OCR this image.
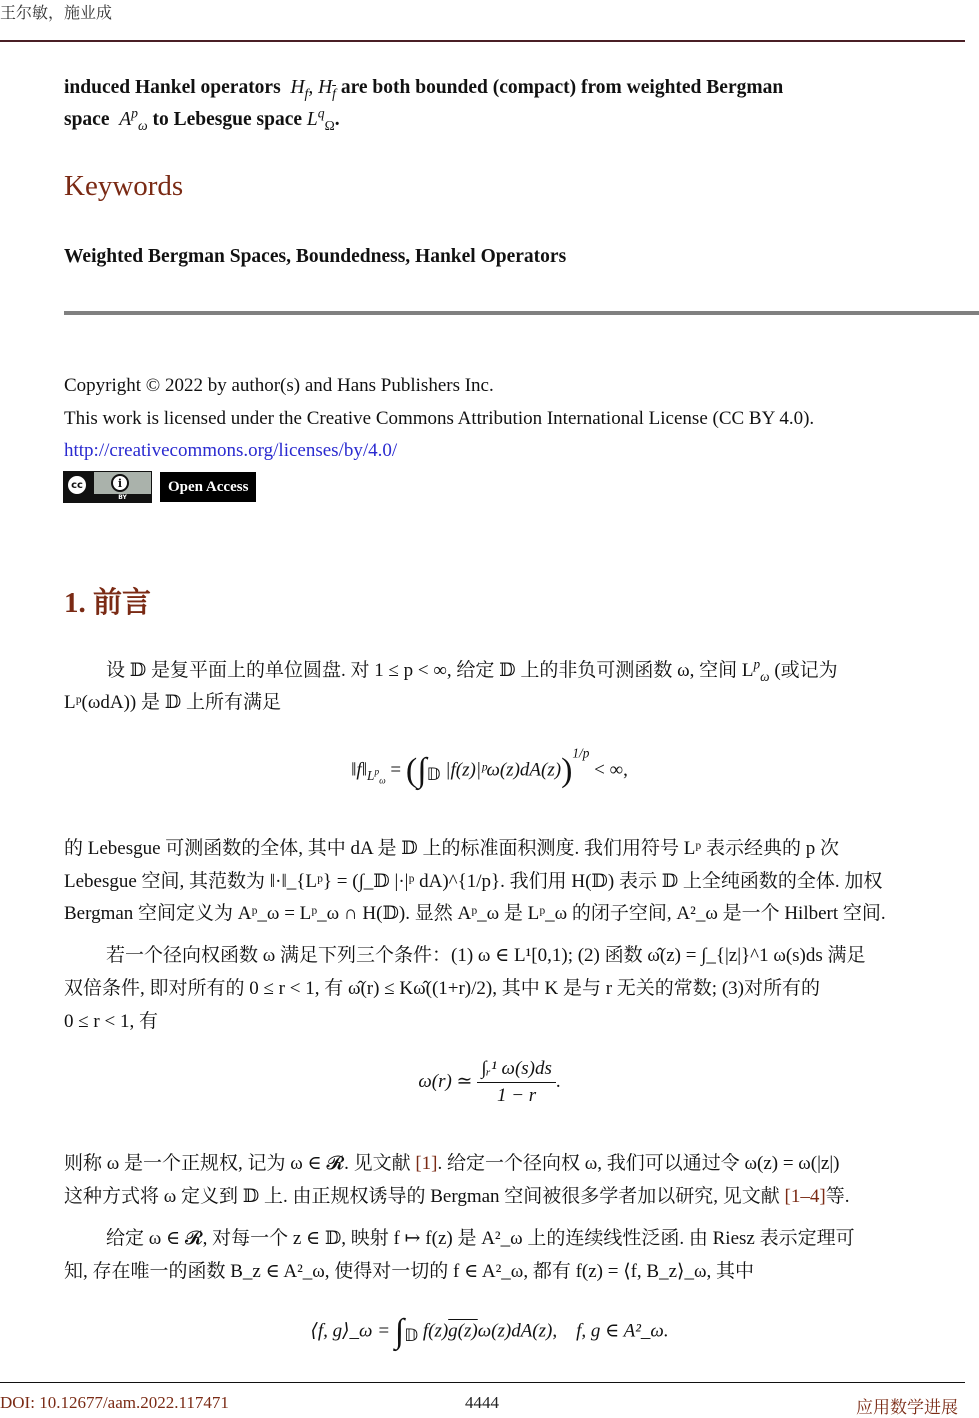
王尔敏，施业成
induced Hankel operators $H_f$, $H_{\overline{f}}$ are both bounded (compact) from weighted Bergman
space $A^p_\omega$ to Lebesgue space $L^q_\Omega$.
Keywords
Weighted Bergman Spaces, Boundedness, Hankel Operators
Copyright © 2022 by author(s) and Hans Publishers Inc.
This work is licensed under the Creative Commons Attribution International License (CC BY 4.0).
http://creativecommons.org/licenses/by/4.0/
cc	i
BY
Open Access
1. 前言
设 𝔻 是复平面上的单位圆盘. 对 1 ≤ p < ∞, 给定 𝔻 上的非负可测函数 ω, 空间 $L^p_\omega$ (或记为
Lᵖ(ωdA)) 是 𝔻 上所有满足
$‖f‖_{L^p_\omega} = (\int_𝔻$ |f(z)|ᵖω(z)dA(z))$^{1/p}$ < ∞,
的 Lebesgue 可测函数的全体, 其中 dA 是 𝔻 上的标准面积测度. 我们用符号 Lᵖ 表示经典的 p 次
Lebesgue 空间, 其范数为 ‖·‖_{Lᵖ} = (∫_𝔻 |·|ᵖ dA)^{1/p}. 我们用 H(𝔻) 表示 𝔻 上全纯函数的全体. 加权
Bergman 空间定义为 Aᵖ_ω = Lᵖ_ω ∩ H(𝔻). 显然 Aᵖ_ω 是 Lᵖ_ω 的闭子空间, A²_ω 是一个 Hilbert 空间.
若一个径向权函数 ω 满足下列三个条件：(1) ω ∈ L¹[0,1); (2) 函数 ω̂(z) = ∫_{|z|}^1 ω(s)ds 满足
双倍条件, 即对所有的 0 ≤ r < 1, 有 ω̂(r) ≤ Kω̂((1+r)/2), 其中 K 是与 r 无关的常数; (3)对所有的
0 ≤ r < 1, 有
ω(r) ≃ $\frac{\text{∫ᵣ¹ ω(s)ds}}{1 - r}$ .
则称 ω 是一个正规权, 记为 ω ∈ 𝓡. 见文献 [1]. 给定一个径向权 ω, 我们可以通过令 ω(z) = ω(|z|)
这种方式将 ω 定义到 𝔻 上. 由正规权诱导的 Bergman 空间被很多学者加以研究, 见文献 [1–4]等.
给定 ω ∈ 𝓡, 对每一个 z ∈ 𝔻, 映射 f ↦ f(z) 是 A²_ω 上的连续线性泛函. 由 Riesz 表示定理可
知, 存在唯一的函数 B_z ∈ A²_ω, 使得对一切的 f ∈ A²_ω, 都有 f(z) = ⟨f, B_z⟩_ω, 其中
⟨f, g⟩_ω = $\int_𝔻$ f(z)g(z)ω(z)dA(z), f, g ∈ A²_ω.
DOI: 10.12677/aam.2022.117471	4444	应用数学进展
